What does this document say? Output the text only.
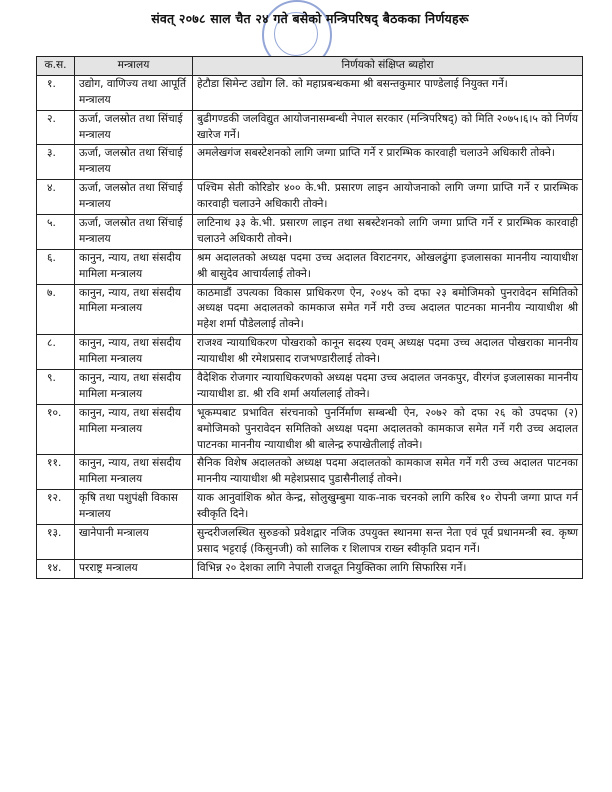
संवत् २०७८ साल चैत २४ गते बसेको मन्त्रिपरिषद् बैठकका निर्णयहरू
क.स.	मन्त्रालय	निर्णयको संक्षिप्त ब्यहोरा
१.	उद्योग, वाणिज्य तथा आपूर्ति मन्त्रालय	हेटौडा सिमेन्ट उद्योग लि. को महाप्रबन्धकमा श्री बसन्तकुमार पाण्डेलाई नियुक्त गर्ने।
२.	ऊर्जा, जलस्रोत तथा सिंचाई मन्त्रालय	बुढीगण्डकी जलविद्युत आयोजनासम्बन्धी नेपाल सरकार (मन्त्रिपरिषद्) को मिति २०७५।६।५ को निर्णय खारेज गर्ने।
३.	ऊर्जा, जलस्रोत तथा सिंचाई मन्त्रालय	अमलेखगंज सबस्टेशनको लागि जग्गा प्राप्ति गर्ने र प्रारम्भिक कारवाही चलाउने अधिकारी तोक्ने।
४.	ऊर्जा, जलस्रोत तथा सिंचाई मन्त्रालय	पश्चिम सेती कोरिडोर ४०० के.भी. प्रसारण लाइन आयोजनाको लागि जग्गा प्राप्ति गर्ने र प्रारम्भिक कारवाही चलाउने अधिकारी तोक्ने।
५.	ऊर्जा, जलस्रोत तथा सिंचाई मन्त्रालय	लाटिनाथ ३३ के.भी. प्रसारण लाइन तथा सबस्टेशनको लागि जग्गा प्राप्ति गर्ने र प्रारम्भिक कारवाही चलाउने अधिकारी तोक्ने।
६.	कानुन, न्याय, तथा संसदीय मामिला मन्त्रालय	श्रम अदालतको अध्यक्ष पदमा उच्च अदालत विराटनगर, ओखलढुंगा इजलासका माननीय न्यायाधीश श्री बासुदेव आचार्यलाई तोक्ने।
७.	कानुन, न्याय, तथा संसदीय मामिला मन्त्रालय	काठमाडौं उपत्यका विकास प्राधिकरण ऐन, २०४५ को दफा २३ बमोजिमको पुनरावेदन समितिको अध्यक्ष पदमा अदालतको कामकाज समेत गर्ने गरी उच्च अदालत पाटनका माननीय न्यायाधीश श्री महेश शर्मा पौडेललाई तोक्ने।
८.	कानुन, न्याय, तथा संसदीय मामिला मन्त्रालय	राजश्व न्यायाधिकरण पोखराको कानून सदस्य एवम् अध्यक्ष पदमा उच्च अदालत पोखराका माननीय न्यायाधीश श्री रमेशप्रसाद राजभण्डारीलाई तोक्ने।
९.	कानुन, न्याय, तथा संसदीय मामिला मन्त्रालय	वैदेशिक रोजगार न्यायाधिकरणको अध्यक्ष पदमा उच्च अदालत जनकपुर, वीरगंज इजलासका माननीय न्यायाधीश डा. श्री रवि शर्मा अर्याललाई तोक्ने।
१०.	कानुन, न्याय, तथा संसदीय मामिला मन्त्रालय	भूकम्पबाट प्रभावित संरचनाको पुनर्निर्माण सम्बन्धी ऐन, २०७२ को दफा २६ को उपदफा (२) बमोजिमको पुनरावेदन समितिको अध्यक्ष पदमा अदालतको कामकाज समेत गर्ने गरी उच्च अदालत पाटनका माननीय न्यायाधीश श्री बालेन्द्र रुपाखेतीलाई तोक्ने।
११.	कानुन, न्याय, तथा संसदीय मामिला मन्त्रालय	सैनिक विशेष अदालतको अध्यक्ष पदमा अदालतको कामकाज समेत गर्ने गरी उच्च अदालत पाटनका माननीय न्यायाधीश श्री महेशप्रसाद पुडासैनीलाई तोक्ने।
१२.	कृषि तथा पशुपंक्षी विकास मन्त्रालय	याक आनुवांशिक श्रोत केन्द्र, सोलुखुम्बुमा याक-नाक चरनको लागि करिब १० रोपनी जग्गा प्राप्त गर्न स्वीकृति दिने।
१३.	खानेपानी मन्त्रालय	सुन्दरीजलस्थित सुरुङको प्रवेशद्वार नजिक उपयुक्त स्थानमा सन्त नेता एवं पूर्व प्रधानमन्त्री स्व. कृष्ण प्रसाद भट्टराई (किसुनजी) को सालिक र शिलापत्र राख्न स्वीकृति प्रदान गर्ने।
१४.	परराष्ट्र मन्त्रालय	विभिन्न २० देशका लागि नेपाली राजदूत नियुक्तिका लागि सिफारिस गर्ने।
